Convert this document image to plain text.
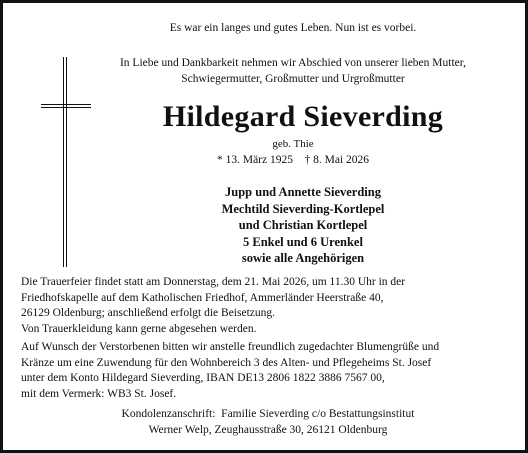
Es war ein langes und gutes Leben. Nun ist es vorbei.
In Liebe und Dankbarkeit nehmen wir Abschied von unserer lieben Mutter,
Schwiegermutter, Großmutter und Urgroßmutter
Hildegard Sieverding
geb. Thie
* 13. März 1925    † 8. Mai 2026
Jupp und Annette Sieverding
Mechtild Sieverding-Kortlepel
und Christian Kortlepel
5 Enkel und 6 Urenkel
sowie alle Angehörigen
Die Trauerfeier findet statt am Donnerstag, dem 21. Mai 2026, um 11.30 Uhr in der
Friedhofskapelle auf dem Katholischen Friedhof, Ammerländer Heerstraße 40,
26129 Oldenburg; anschließend erfolgt die Beisetzung.
Von Trauerkleidung kann gerne abgesehen werden.
Auf Wunsch der Verstorbenen bitten wir anstelle freundlich zugedachter Blumengrüße und
Kränze um eine Zuwendung für den Wohnbereich 3 des Alten- und Pflegeheims St. Josef
unter dem Konto Hildegard Sieverding, IBAN DE13 2806 1822 3886 7567 00,
mit dem Vermerk: WB3 St. Josef.
Kondolenzanschrift:  Familie Sieverding c/o Bestattungsinstitut
Werner Welp, Zeughausstraße 30, 26121 Oldenburg
